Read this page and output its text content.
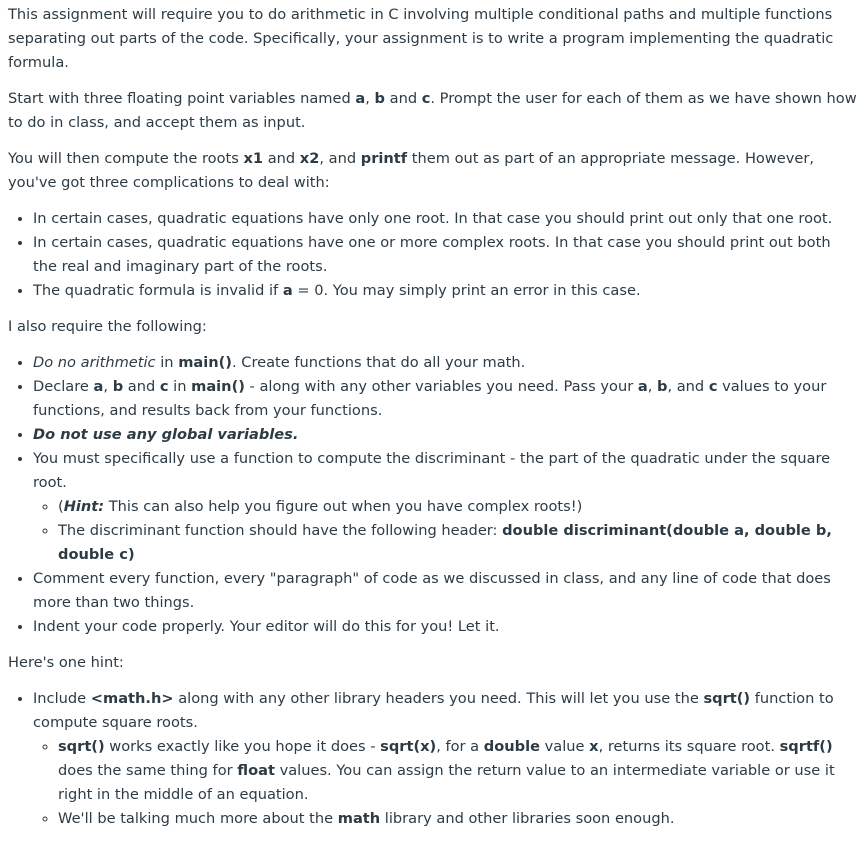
This assignment will require you to do arithmetic in C involving multiple conditional paths and multiple functions separating out parts of the code. Specifically, your assignment is to write a program implementing the quadratic formula.

Start with three floating point variables named a, b and c. Prompt the user for each of them as we have shown how to do in class, and accept them as input.

You will then compute the roots x1 and x2, and printf them out as part of an appropriate message. However, you've got three complications to deal with:

• In certain cases, quadratic equations have only one root. In that case you should print out only that one root.
• In certain cases, quadratic equations have one or more complex roots. In that case you should print out both the real and imaginary part of the roots.
• The quadratic formula is invalid if a = 0. You may simply print an error in this case.

I also require the following:

• Do no arithmetic in main(). Create functions that do all your math.
• Declare a, b and c in main() - along with any other variables you need. Pass your a, b, and c values to your functions, and results back from your functions.
• Do not use any global variables.
• You must specifically use a function to compute the discriminant - the part of the quadratic under the square root.
◦ (Hint: This can also help you figure out when you have complex roots!)
◦ The discriminant function should have the following header: double discriminant(double a, double b, double c)
• Comment every function, every "paragraph" of code as we discussed in class, and any line of code that does more than two things.
• Indent your code properly. Your editor will do this for you! Let it.

Here's one hint:

• Include <math.h> along with any other library headers you need. This will let you use the sqrt() function to compute square roots.
◦ sqrt() works exactly like you hope it does - sqrt(x), for a double value x, returns its square root. sqrtf() does the same thing for float values. You can assign the return value to an intermediate variable or use it right in the middle of an equation.
◦ We'll be talking much more about the math library and other libraries soon enough.
